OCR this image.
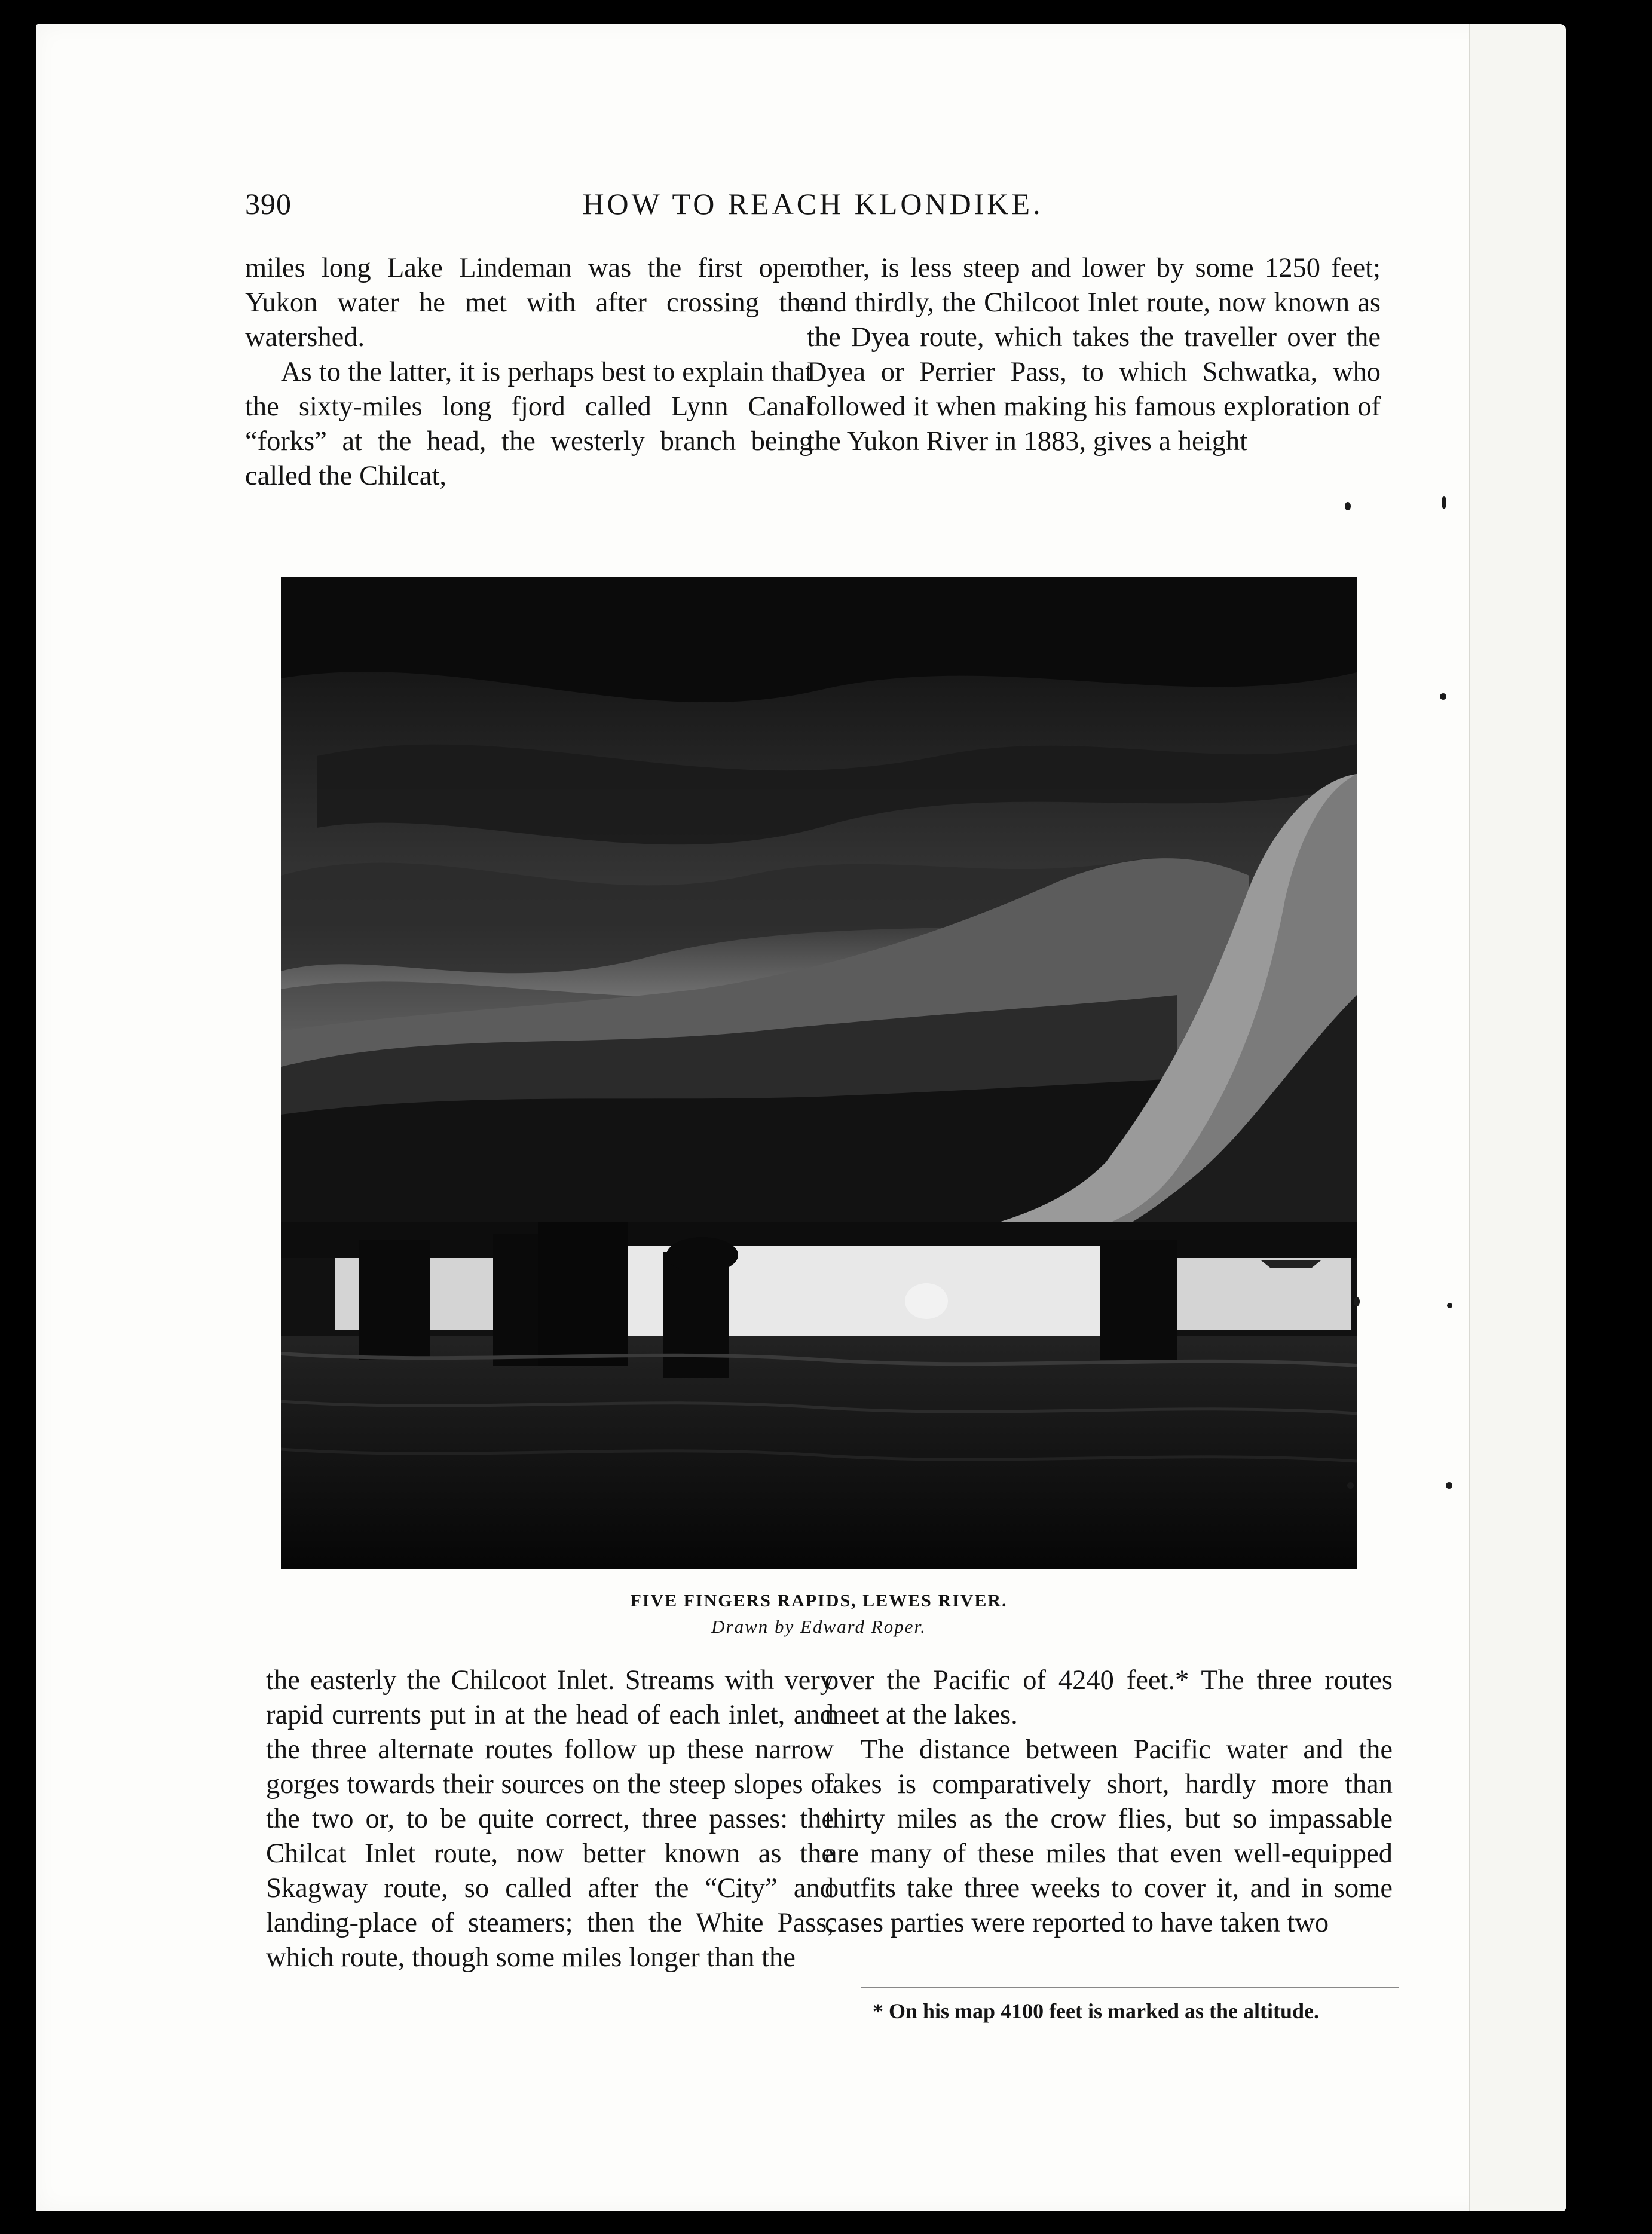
390	HOW TO REACH KLONDIKE.

miles long Lake Lindeman was the first open Yukon water he met with after crossing the watershed.

As to the latter, it is perhaps best to explain that the sixty-miles long fjord called Lynn Canal “forks” at the head, the westerly branch being called the Chilcat,

other, is less steep and lower by some 1250 feet; and thirdly, the Chilcoot Inlet route, now known as the Dyea route, which takes the traveller over the Dyea or Perrier Pass, to which Schwatka, who followed it when making his famous exploration of the Yukon River in 1883, gives a height

FIVE FINGERS RAPIDS, LEWES RIVER.
Drawn by Edward Roper.

the easterly the Chilcoot Inlet. Streams with very rapid currents put in at the head of each inlet, and the three alternate routes follow up these narrow gorges towards their sources on the steep slopes of the two or, to be quite correct, three passes: the Chilcat Inlet route, now better known as the Skagway route, so called after the “City” and landing-place of steamers; then the White Pass, which route, though some miles longer than the

over the Pacific of 4240 feet.* The three routes meet at the lakes.

The distance between Pacific water and the lakes is comparatively short, hardly more than thirty miles as the crow flies, but so impassable are many of these miles that even well-equipped outfits take three weeks to cover it, and in some cases parties were reported to have taken two

* On his map 4100 feet is marked as the altitude.
